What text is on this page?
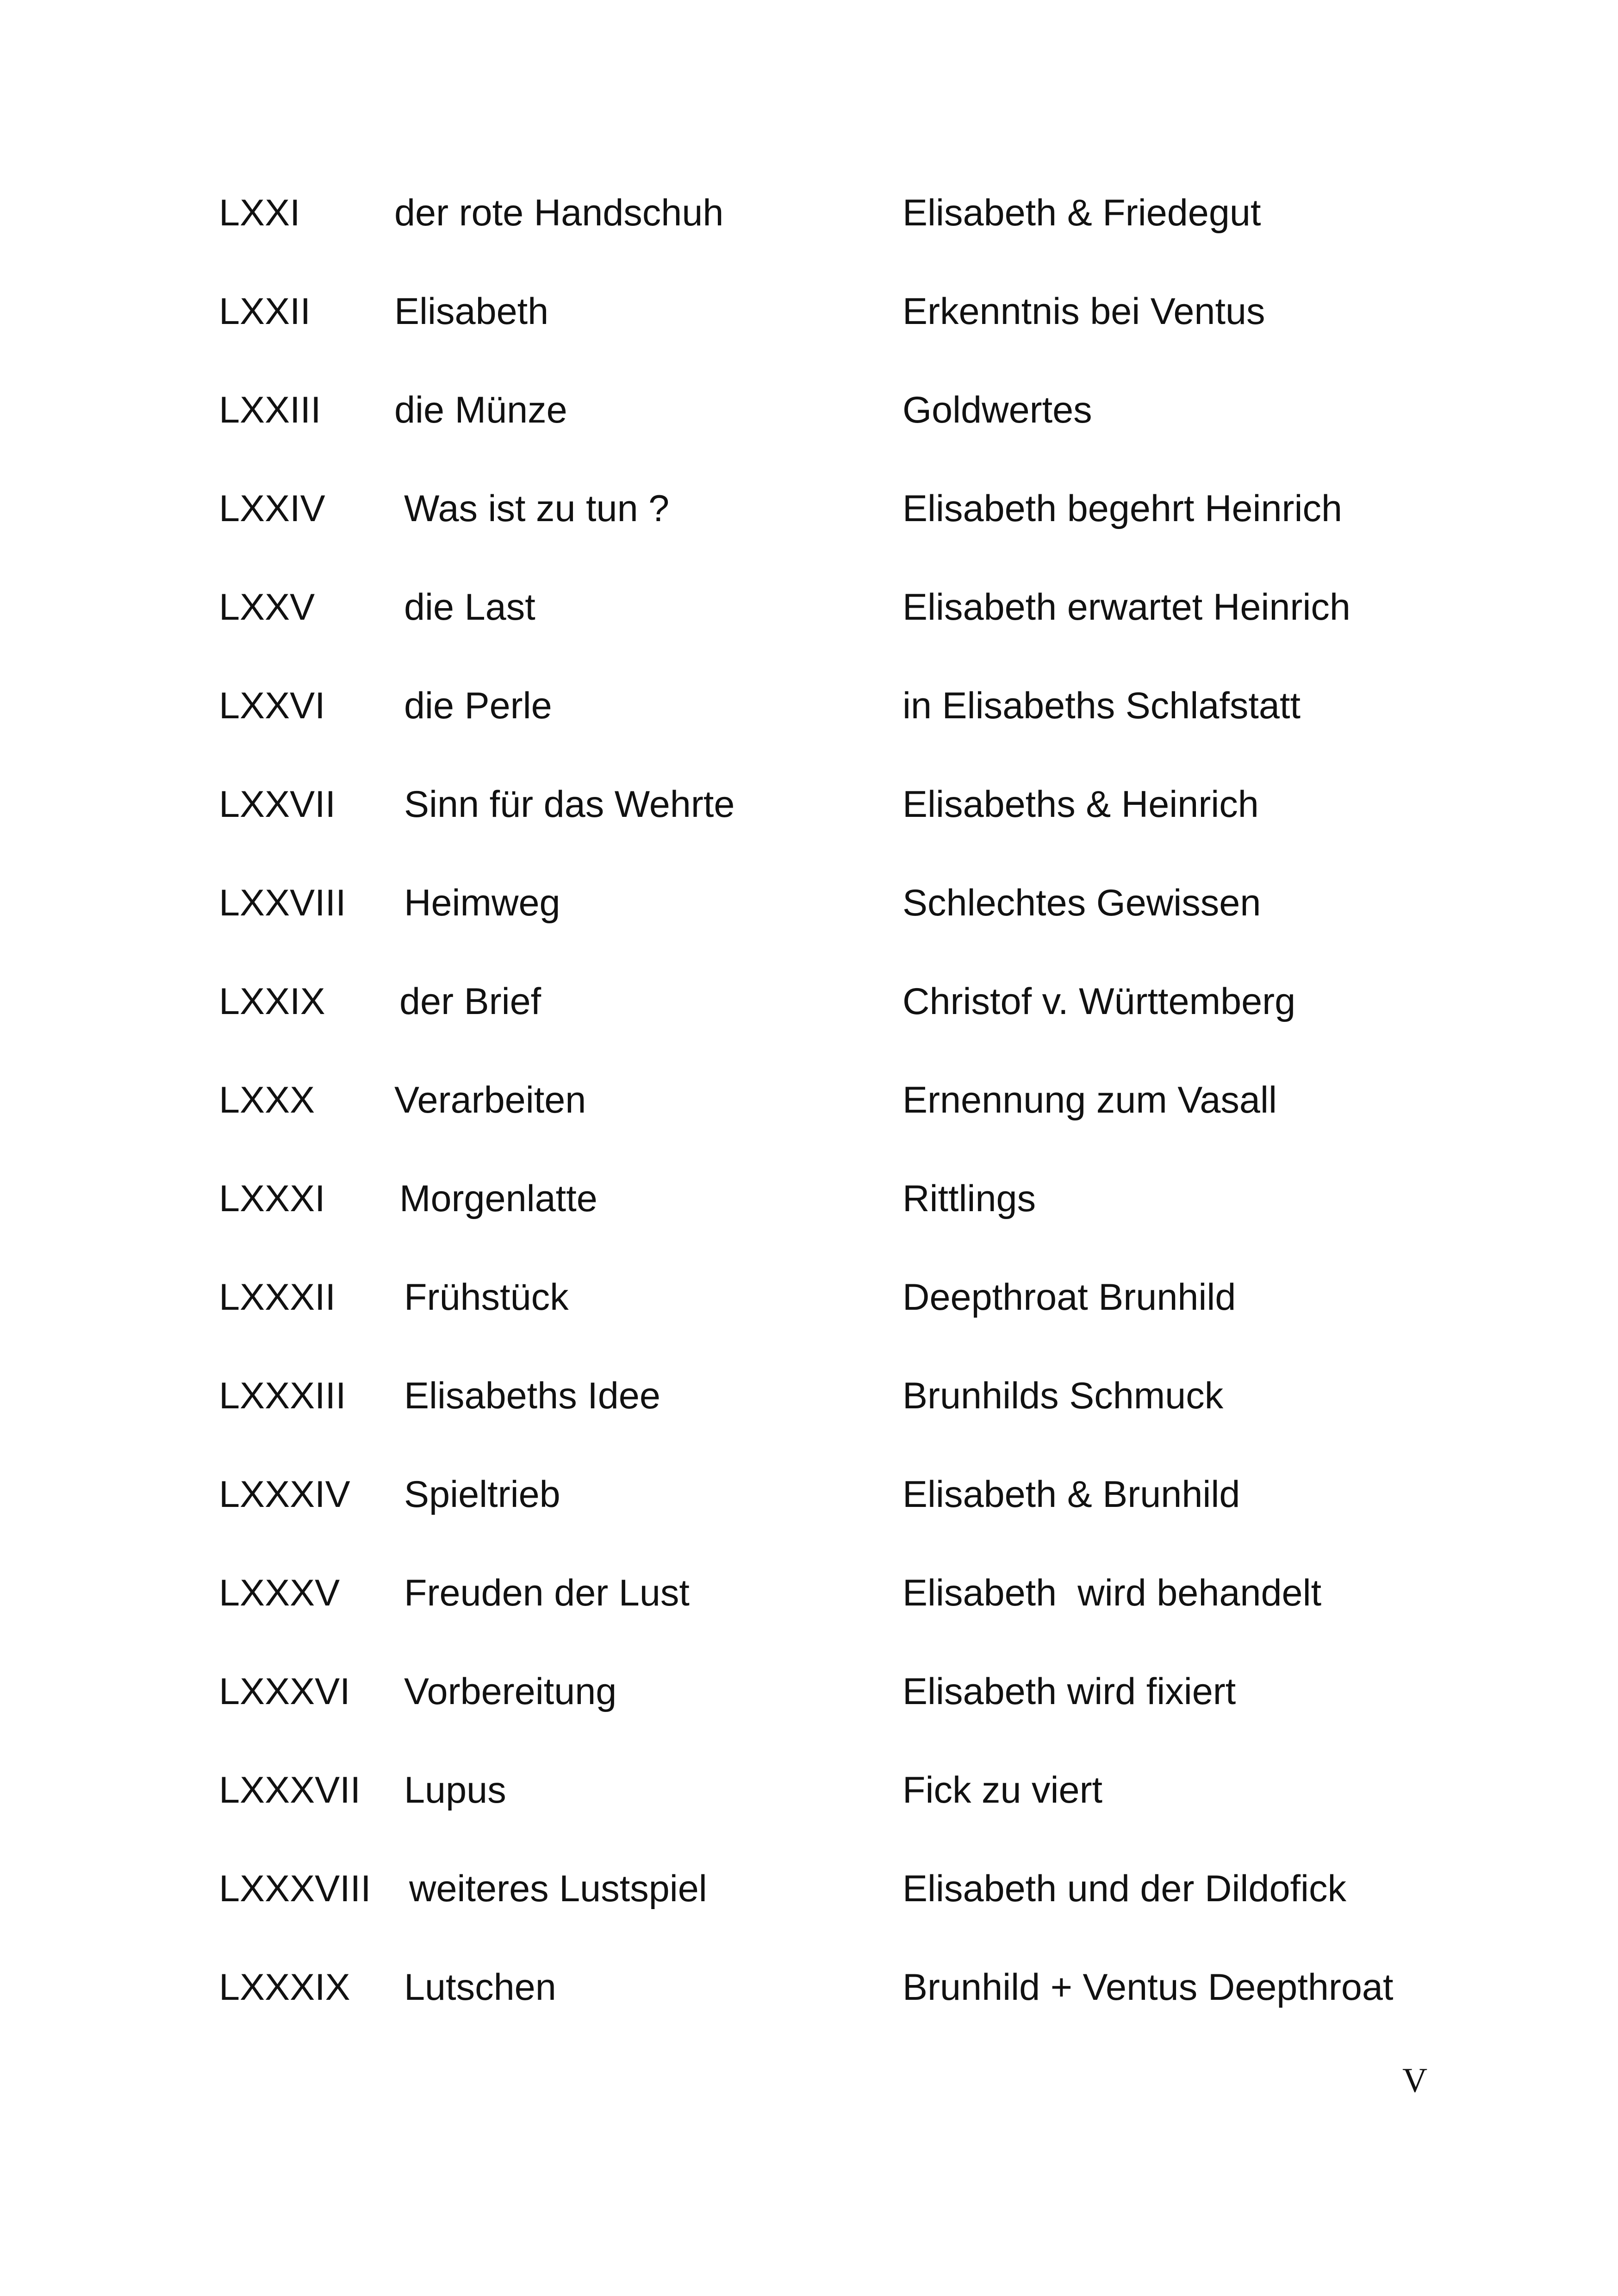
LXXI	der rote Handschuh	Elisabeth & Friedegut
LXXII Elisabeth	Erkenntnis bei Ventus
LXXIII die Münze	Goldwertes
LXXIV Was ist zu tun ?	Elisabeth begehrt Heinrich
LXXV die Last	Elisabeth erwartet Heinrich
LXXVI die Perle	in Elisabeths Schlafstatt
LXXVII Sinn für das Wehrte	Elisabeths & Heinrich
LXXVIII Heimweg	Schlechtes Gewissen
LXXIX der Brief	Christof v. Württemberg
LXXX Verarbeiten	Ernennung zum Vasall
LXXXI Morgenlatte	Rittlings
LXXXII Frühstück	Deepthroat Brunhild
LXXXIII Elisabeths Idee	Brunhilds Schmuck
LXXXIV Spieltrieb	Elisabeth & Brunhild
LXXXV Freuden der Lust	Elisabeth  wird behandelt
LXXXVI Vorbereitung	Elisabeth wird fixiert
LXXXVII Lupus	Fick zu viert
LXXXVIII weiteres Lustspiel	Elisabeth und der Dildofick
LXXXIX Lutschen	Brunhild + Ventus Deepthroat
V
